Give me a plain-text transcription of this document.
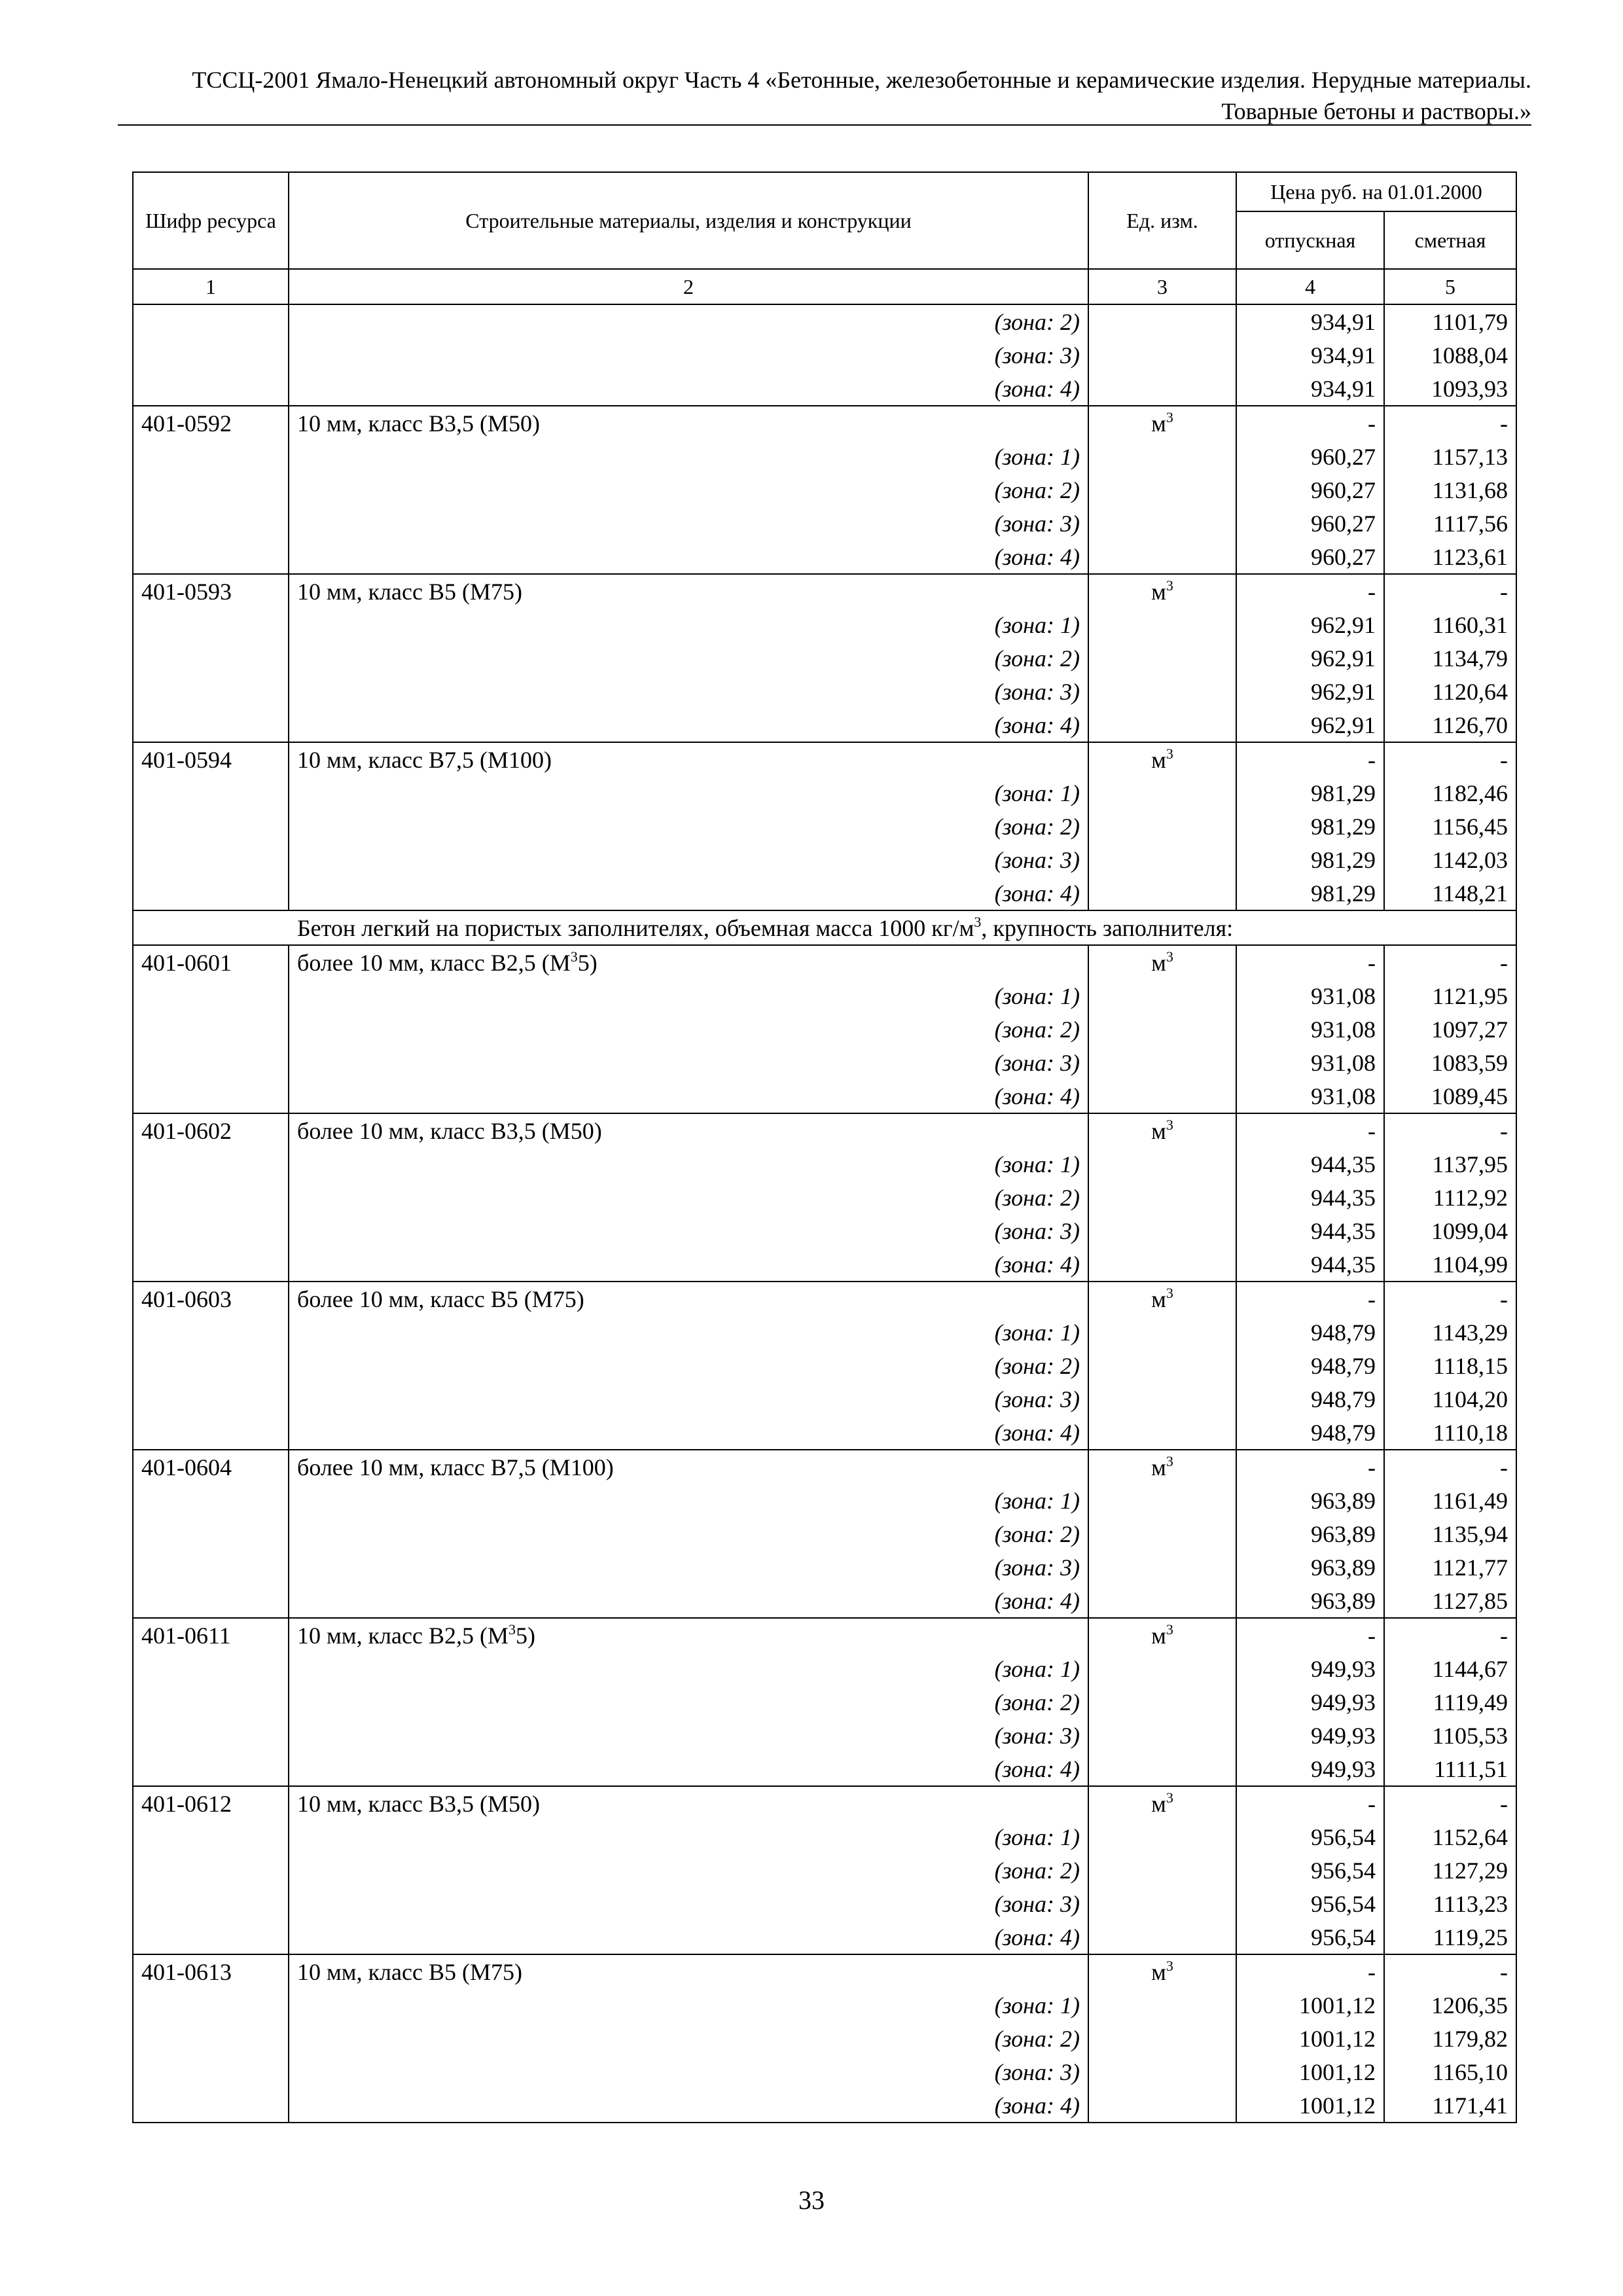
ТССЦ-2001 Ямало-Ненецкий автономный округ Часть 4 «Бетонные, железобетонные и керамические изделия. Нерудные материалы.
Товарные бетоны и растворы.»
Шифр ресурса	Строительные материалы, изделия и конструкции	Ед. изм.	Цена руб. на 01.01.2000	
			отпускная	сметная
1	2	3	4	5
	(зона: 2)		934,91	1101,79
	(зона: 3)		934,91	1088,04
	(зона: 4)		934,91	1093,93
401-0592	10 мм, класс В3,5 (М50)	$м^3$	-	-
	(зона: 1)		960,27	1157,13
	(зона: 2)		960,27	1131,68
	(зона: 3)		960,27	1117,56
	(зона: 4)		960,27	1123,61
401-0593	10 мм, класс В5 (М75)	$м^3$	-	-
	(зона: 1)		962,91	1160,31
	(зона: 2)		962,91	1134,79
	(зона: 3)		962,91	1120,64
	(зона: 4)		962,91	1126,70
401-0594	10 мм, класс В7,5 (М100)	$м^3$	-	-
	(зона: 1)		981,29	1182,46
	(зона: 2)		981,29	1156,45
	(зона: 3)		981,29	1142,03
	(зона: 4)		981,29	1148,21
Бетон легкий на пористых заполнителях, объемная масса 1000 $кг/м^3$, крупность заполнителя:				
401-0601	более 10 мм, класс В2,5 $(М^35)$	$м^3$	-	-
	(зона: 1)		931,08	1121,95
	(зона: 2)		931,08	1097,27
	(зона: 3)		931,08	1083,59
	(зона: 4)		931,08	1089,45
401-0602	более 10 мм, класс В3,5 (М50)	$м^3$	-	-
	(зона: 1)		944,35	1137,95
	(зона: 2)		944,35	1112,92
	(зона: 3)		944,35	1099,04
	(зона: 4)		944,35	1104,99
401-0603	более 10 мм, класс В5 (М75)	$м^3$	-	-
	(зона: 1)		948,79	1143,29
	(зона: 2)		948,79	1118,15
	(зона: 3)		948,79	1104,20
	(зона: 4)		948,79	1110,18
401-0604	более 10 мм, класс В7,5 (М100)	$м^3$	-	-
	(зона: 1)		963,89	1161,49
	(зона: 2)		963,89	1135,94
	(зона: 3)		963,89	1121,77
	(зона: 4)		963,89	1127,85
401-0611	10 мм, класс В2,5 $(М^35)$	$м^3$	-	-
	(зона: 1)		949,93	1144,67
	(зона: 2)		949,93	1119,49
	(зона: 3)		949,93	1105,53
	(зона: 4)		949,93	1111,51
401-0612	10 мм, класс В3,5 (М50)	$м^3$	-	-
	(зона: 1)		956,54	1152,64
	(зона: 2)		956,54	1127,29
	(зона: 3)		956,54	1113,23
	(зона: 4)		956,54	1119,25
401-0613	10 мм, класс В5 (М75)	$м^3$	-	-
	(зона: 1)		1001,12	1206,35
	(зона: 2)		1001,12	1179,82
	(зона: 3)		1001,12	1165,10
	(зона: 4)		1001,12	1171,41
33
